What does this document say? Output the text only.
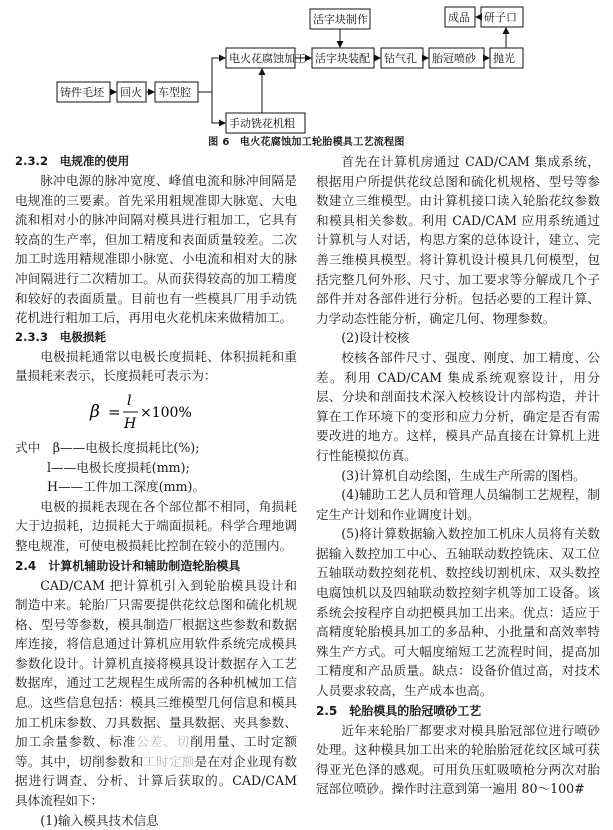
铸件毛坯 回火 车型腔
电火花腐蚀加工
手动铣花机粗
活字块制作
活字块装配 钻气孔 胎冠喷砂 抛光
成品 研子口
图 6　电火花腐蚀加工轮胎模具工艺流程图
2.3.2　电规准的使用

脉冲电源的脉冲宽度、峰值电流和脉冲间隔是电规准的三要素。首先采用粗规准即大脉宽、大电流和相对小的脉冲间隔对模具进行粗加工，它具有较高的生产率，但加工精度和表面质量较差。二次加工时选用精规准即小脉宽、小电流和相对大的脉冲间隔进行二次精加工。从而获得较高的加工精度和较好的表面质量。目前也有一些模具厂用手动铣花机进行粗加工后，再用电火花机床来做精加工。

2.3.3　电极损耗

电极损耗通常以电极长度损耗、体积损耗和重量损耗来表示，长度损耗可表示为：

β =
l
H
×100%
式中　 β——电极长度损耗比(%);
l——电极长度损耗(mm);
H——工件加工深度(mm)。

电极的损耗表现在各个部位都不相同，角损耗大于边损耗，边损耗大于端面损耗。科学合理地调整电规准，可使电极损耗比控制在较小的范围内。

2.4　计算机辅助设计和辅助制造轮胎模具

CAD/CAM 把计算机引入到轮胎模具设计和制造中来。轮胎厂只需要提供花纹总图和硫化机规格、型号等参数，模具制造厂根据这些参数和数据库连接，将信息通过计算机应用软件系统完成模具参数化设计。计算机直接将模具设计数据存入工艺数据库，通过工艺规程生成所需的各种机械加工信息。这些信息包括：模具三维模型几何信息和模具加工机床参数、刀具数据、量具数据、夹具参数、加工余量参数、标准公差、切削用量、工时定额等。其中，切削参数和工时定额是在对企业现有数据进行调查、分析、计算后获取的。CAD/CAM 具体流程如下：

(1)输入模具技术信息

首先在计算机房通过 CAD/CAM 集成系统，根据用户所提供花纹总图和硫化机规格、型号等参数建立三维模型。由计算机接口读入轮胎花纹参数和模具相关参数。利用 CAD/CAM 应用系统通过计算机与人对话，构思方案的总体设计，建立、完善三维模具模型。将计算机设计模具几何模型，包括完整几何外形、尺寸、加工要求等分解成几个子部件并对各部件进行分析。包括必要的工程计算、力学动态性能分析，确定几何、物理参数。

(2)设计校核

校核各部件尺寸、强度、刚度、加工精度、公差。利用 CAD/CAM 集成系统观察设计，用分层、分块和剖面技术深入校核设计内部构造，并计算在工作环境下的变形和应力分析，确定是否有需要改进的地方。这样，模具产品直接在计算机上进行性能模拟仿真。

(3)计算机自动绘图，生成生产所需的图档。

(4)辅助工艺人员和管理人员编制工艺规程，制定生产计划和作业调度计划。

(5)将计算数据输入数控加工机床人员将有关数据输入数控加工中心、五轴联动数控铣床、双工位五轴联动数控刻花机、数控线切割机床、双头数控电腐蚀机以及四轴联动数控刻字机等加工设备。该系统会按程序自动把模具加工出来。优点：适应于高精度轮胎模具加工的多品种、小批量和高效率特殊生产方式。可大幅度缩短工艺流程时间，提高加工精度和产品质量。缺点：设备价值过高，对技术人员要求较高，生产成本也高。

2.5　轮胎模具的胎冠喷砂工艺

近年来轮胎厂都要求对模具胎冠部位进行喷砂处理。这种模具加工出来的轮胎胎冠花纹区域可获得亚光色泽的感观。可用负压虹吸喷枪分两次对胎冠部位喷砂。操作时注意到第一遍用 80～100#
